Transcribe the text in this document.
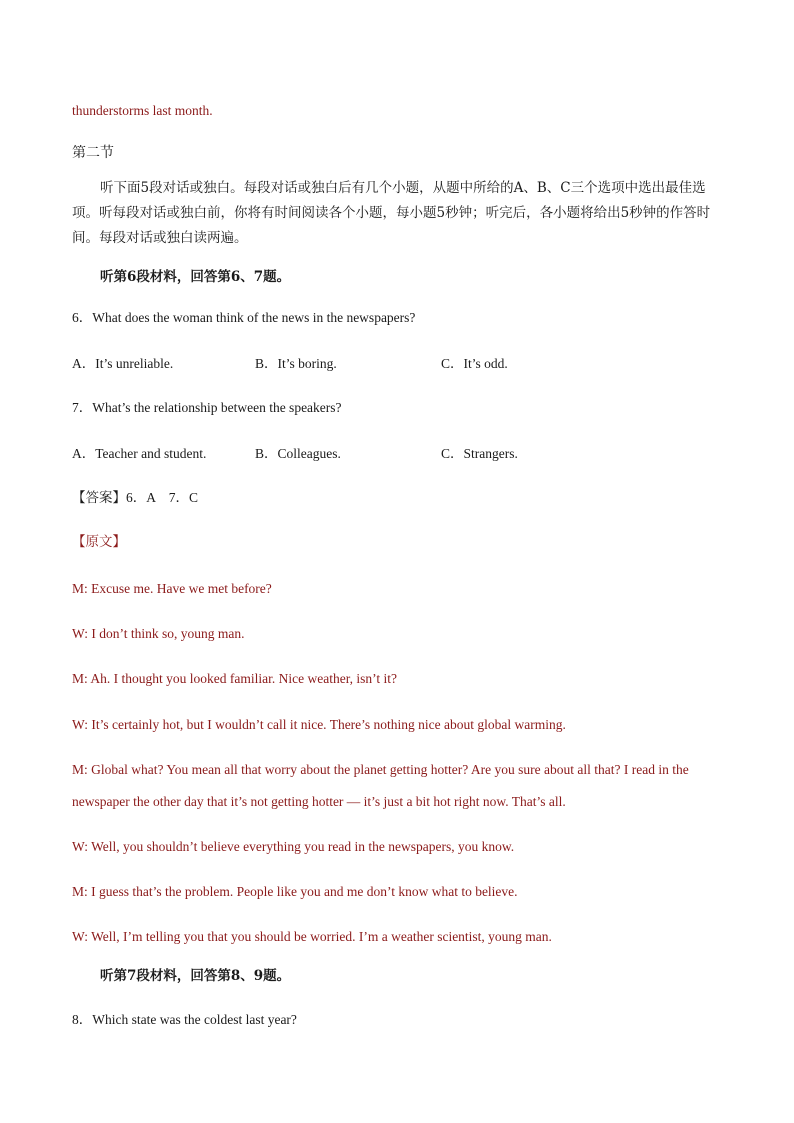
thunderstorms last month.
第二节
听下面5段对话或独白。每段对话或独白后有几个小题，从题中所给的A、B、C三个选项中选出最佳选项。听每段对话或独白前，你将有时间阅读各个小题，每小题5秒钟；听完后，各小题将给出5秒钟的作答时间。每段对话或独白读两遍。
听第6段材料，回答第6、7题。
6．What does the woman think of the news in the newspapers?
A．It’s unreliable.	B．It’s boring.	C．It’s odd.
7．What’s the relationship between the speakers?
A．Teacher and student.	B．Colleagues.	C．Strangers.
【答案】6．A　7．C
【原文】
M: Excuse me. Have we met before?
W: I don’t think so, young man.
M: Ah. I thought you looked familiar. Nice weather, isn’t it?
W: It’s certainly hot, but I wouldn’t call it nice. There’s nothing nice about global warming.
M: Global what? You mean all that worry about the planet getting hotter? Are you sure about all that? I read in the
newspaper the other day that it’s not getting hotter — it’s just a bit hot right now. That’s all.
W: Well, you shouldn’t believe everything you read in the newspapers, you know.
M: I guess that’s the problem. People like you and me don’t know what to believe.
W: Well, I’m telling you that you should be worried. I’m a weather scientist, young man.
听第7段材料，回答第8、9题。
8．Which state was the coldest last year?
